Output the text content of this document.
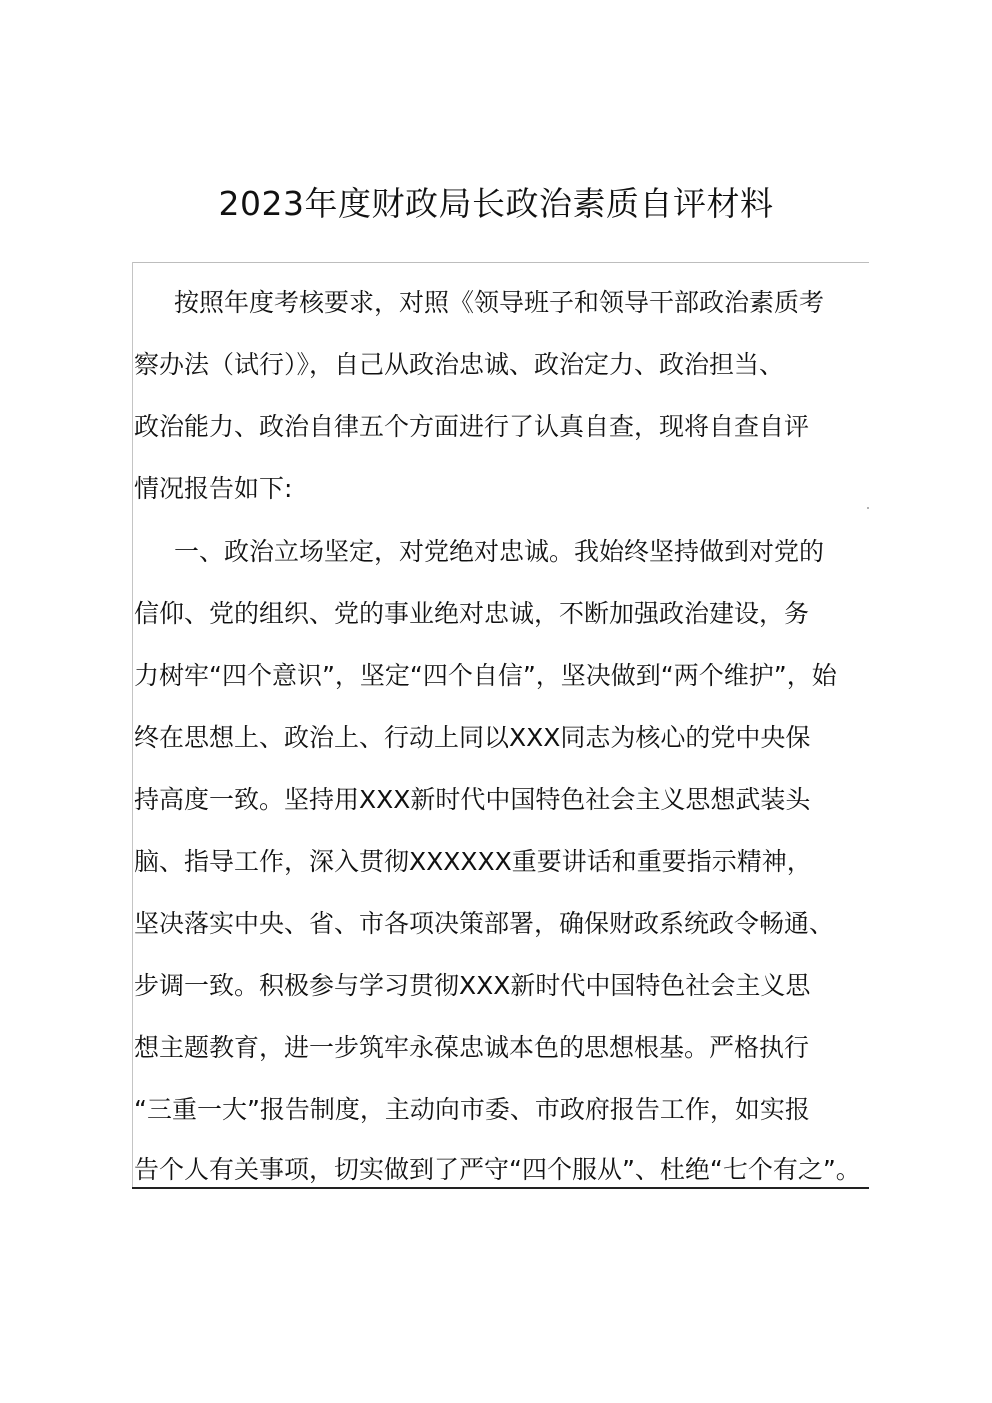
2023年度财政局长政治素质自评材料
按照年度考核要求，对照《领导班子和领导干部政治素质考
察办法（试行）》，自己从政治忠诚、政治定力、政治担当、
政治能力、政治自律五个方面进行了认真自查，现将自查自评
情况报告如下:
一、政治立场坚定，对党绝对忠诚。我始终坚持做到对党的
信仰、党的组织、党的事业绝对忠诚，不断加强政治建设，务
力树牢“四个意识”，坚定“四个自信”，坚决做到“两个维护”，始
终在思想上、政治上、行动上同以XXX同志为核心的党中央保
持高度一致。坚持用XXX新时代中国特色社会主义思想武装头
脑、指导工作，深入贯彻XXXXXX重要讲话和重要指示精神，
坚决落实中央、省、市各项决策部署，确保财政系统政令畅通、
步调一致。积极参与学习贯彻XXX新时代中国特色社会主义思
想主题教育，进一步筑牢永葆忠诚本色的思想根基。严格执行
“三重一大”报告制度，主动向市委、市政府报告工作，如实报
告个人有关事项，切实做到了严守“四个服从”、杜绝“七个有之”。
